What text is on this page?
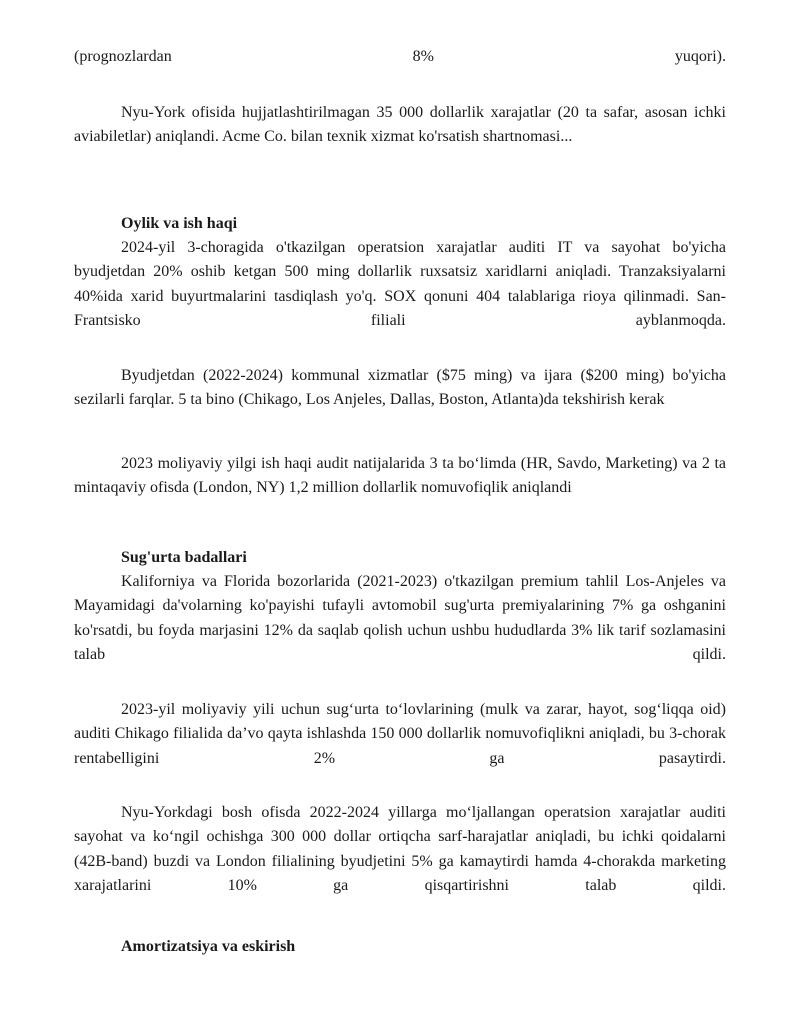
(prognozlardan 8% yuqori).

Nyu-York ofisida hujjatlashtirilmagan 35 000 dollarlik xarajatlar (20 ta safar, asosan ichki aviabiletlar) aniqlandi. Acme Co. bilan texnik xizmat ko'rsatish shartnomasi...

Oylik va ish haqi

2024-yil 3-choragida o'tkazilgan operatsion xarajatlar auditi IT va sayohat bo'yicha byudjetdan 20% oshib ketgan 500 ming dollarlik ruxsatsiz xaridlarni aniqladi. Tranzaksiyalarni 40%ida xarid buyurtmalarini tasdiqlash yo'q. SOX qonuni 404 talablariga rioya qilinmadi. San-Frantsisko filiali ayblanmoqda.

Byudjetdan (2022-2024) kommunal xizmatlar ($75 ming) va ijara ($200 ming) bo'yicha sezilarli farqlar. 5 ta bino (Chikago, Los Anjeles, Dallas, Boston, Atlanta)da tekshirish kerak

2023 moliyaviy yilgi ish haqi audit natijalarida 3 ta bo‘limda (HR, Savdo, Marketing) va 2 ta mintaqaviy ofisda (London, NY) 1,2 million dollarlik nomuvofiqlik aniqlandi

Sug'urta badallari

Kaliforniya va Florida bozorlarida (2021-2023) o'tkazilgan premium tahlil Los-Anjeles va Mayamidagi da'volarning ko'payishi tufayli avtomobil sug'urta premiyalarining 7% ga oshganini ko'rsatdi, bu foyda marjasini 12% da saqlab qolish uchun ushbu hududlarda 3% lik tarif sozlamasini talab qildi.

2023-yil moliyaviy yili uchun sug‘urta to‘lovlarining (mulk va zarar, hayot, sog‘liqqa oid) auditi Chikago filialida da’vo qayta ishlashda 150 000 dollarlik nomuvofiqlikni aniqladi, bu 3-chorak rentabelligini 2% ga pasaytirdi.

Nyu-Yorkdagi bosh ofisda 2022-2024 yillarga mo‘ljallangan operatsion xarajatlar auditi sayohat va ko‘ngil ochishga 300 000 dollar ortiqcha sarf-harajatlar aniqladi, bu ichki qoidalarni (42B-band) buzdi va London filialining byudjetini 5% ga kamaytirdi hamda 4-chorakda marketing xarajatlarini 10% ga qisqartirishni talab qildi.

Amortizatsiya va eskirish
